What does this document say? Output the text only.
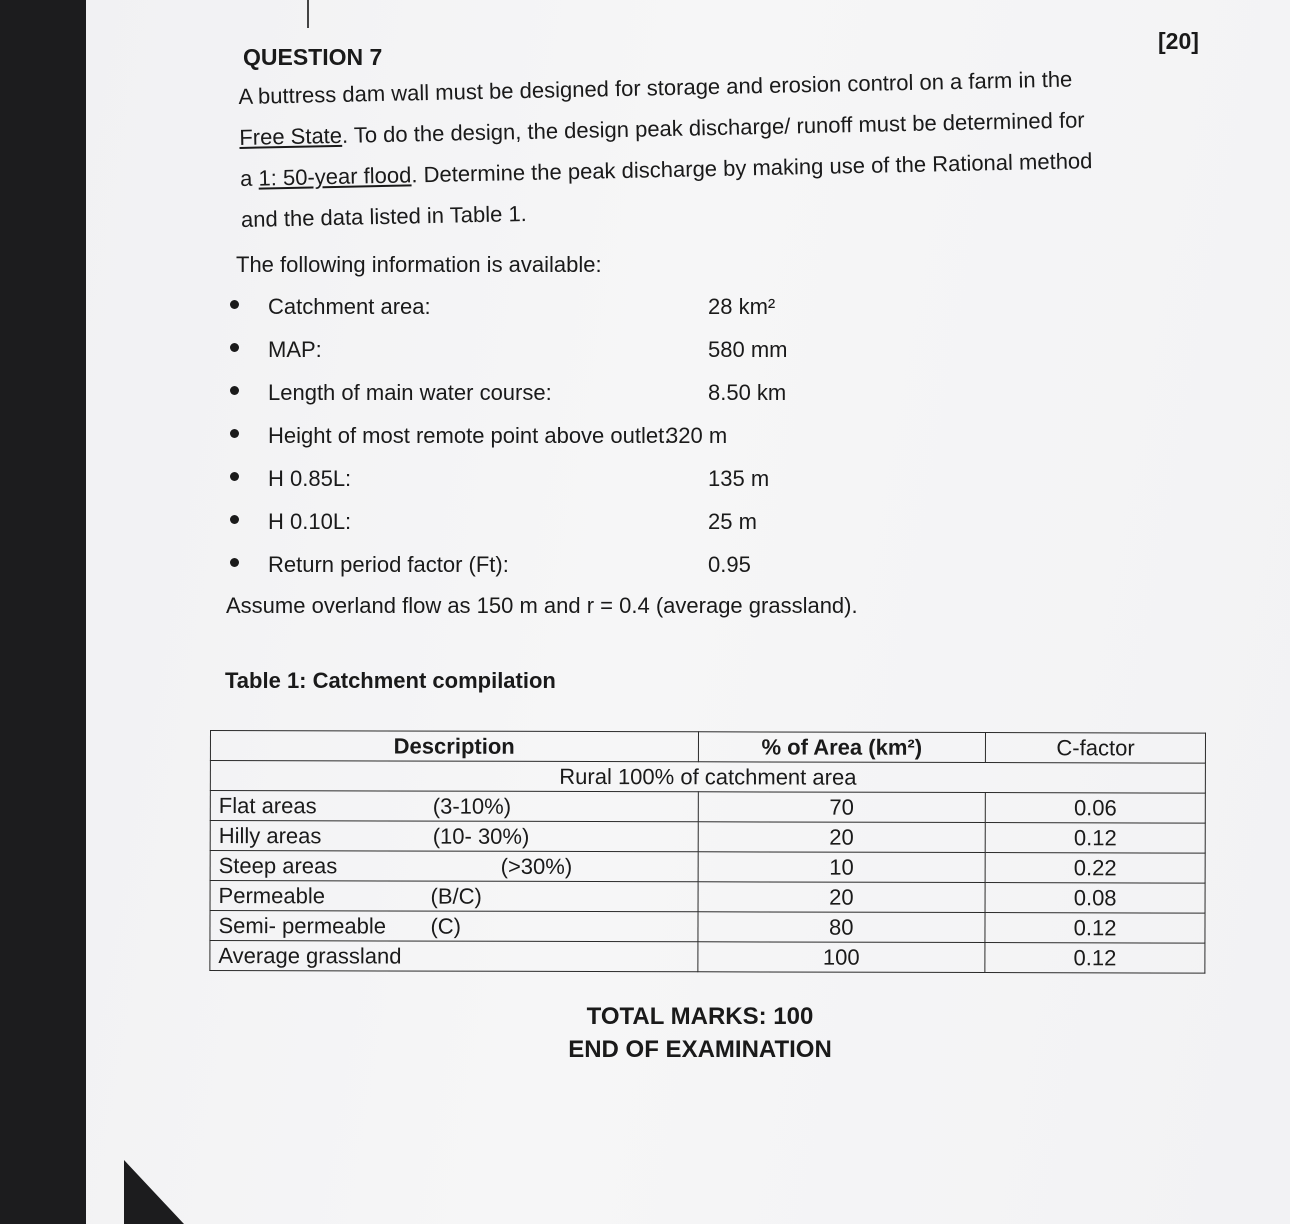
QUESTION 7
[20]

A buttress dam wall must be designed for storage and erosion control on a farm in the

Free State. To do the design, the design peak discharge/ runoff must be determined for

a 1: 50-year flood. Determine the peak discharge by making use of the Rational method

and the data listed in Table 1.

The following information is available:
Catchment area:	28 km²
MAP:	580 mm
Length of main water course:	8.50 km
Height of most remote point above outlet:
320 m
H 0.85L:	135 m
H 0.10L:	25 m
Return period factor (Ft):	0.95
Assume overland flow as 150 m and r = 0.4 (average grassland).
Table 1: Catchment compilation
Description	% of Area (km²)	C-factor
Rural 100% of catchment area		
Flat areas (3-10%)	70	0.06
Hilly areas (10- 30%)	20	0.12
Steep areas (>30%)	10	0.22
Permeable (B/C)	20	0.08
Semi- permeable (C)	80	0.12
Average grassland	100	0.12
TOTAL MARKS: 100
END OF EXAMINATION
